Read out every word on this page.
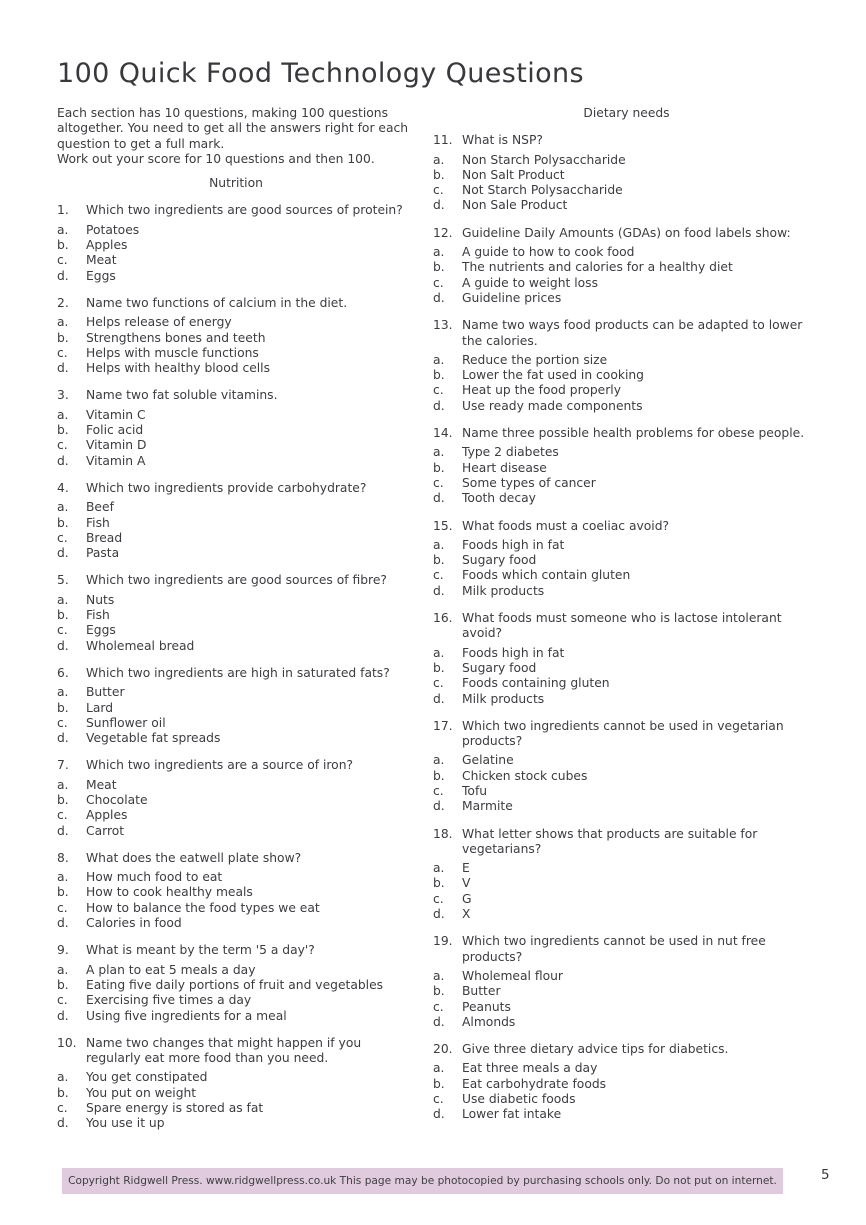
100 Quick Food Technology Questions

Each section has 10 questions, making 100 questions altogether. You need to get all the answers right for each question to get a full mark.

Work out your score for 10 questions and then 100.

Nutrition
1.	Which two ingredients are good sources of protein?
a.	Potatoes
b.	Apples
c.	Meat
d.	Eggs
2.	Name two functions of calcium in the diet.
a.	Helps release of energy
b.	Strengthens bones and teeth
c.	Helps with muscle functions
d.	Helps with healthy blood cells
3.	Name two fat soluble vitamins.
a.	Vitamin C
b.	Folic acid
c.	Vitamin D
d.	Vitamin A
4.	Which two ingredients provide carbohydrate?
a.	Beef
b.	Fish
c.	Bread
d.	Pasta
5.	Which two ingredients are good sources of fibre?
a.	Nuts
b.	Fish
c.	Eggs
d.	Wholemeal bread
6.	Which two ingredients are high in saturated fats?
a.	Butter
b.	Lard
c.	Sunflower oil
d.	Vegetable fat spreads
7.	Which two ingredients are a source of iron?
a.	Meat
b.	Chocolate
c.	Apples
d.	Carrot
8.	What does the eatwell plate show?
a.	How much food to eat
b.	How to cook healthy meals
c.	How to balance the food types we eat
d.	Calories in food
9.	What is meant by the term '5 a day'?
a.	A plan to eat 5 meals a day
b.	Eating five daily portions of fruit and vegetables
c.	Exercising five times a day
d.	Using five ingredients for a meal
10. Name two changes that might happen if you regularly eat more food than you need.
a.	You get constipated
b.	You put on weight
c.	Spare energy is stored as fat
d.	You use it up
Dietary needs
11. What is NSP?
a.	Non Starch Polysaccharide
b.	Non Salt Product
c.	Not Starch Polysaccharide
d.	Non Sale Product
12. Guideline Daily Amounts (GDAs) on food labels show:
a.	A guide to how to cook food
b.	The nutrients and calories for a healthy diet
c.	A guide to weight loss
d.	Guideline prices
13. Name two ways food products can be adapted to lower the calories.
a.	Reduce the portion size
b.	Lower the fat used in cooking
c.	Heat up the food properly
d.	Use ready made components
14. Name three possible health problems for obese people.
a.	Type 2 diabetes
b.	Heart disease
c.	Some types of cancer
d.	Tooth decay
15. What foods must a coeliac avoid?
a.	Foods high in fat
b.	Sugary food
c.	Foods which contain gluten
d.	Milk products
16. What foods must someone who is lactose intolerant avoid?
a.	Foods high in fat
b.	Sugary food
c.	Foods containing gluten
d.	Milk products
17. Which two ingredients cannot be used in vegetarian products?
a.	Gelatine
b.	Chicken stock cubes
c.	Tofu
d.	Marmite
18. What letter shows that products are suitable for vegetarians?
a.	E
b.	V
c.	G
d.	X
19. Which two ingredients cannot be used in nut free products?
a.	Wholemeal flour
b.	Butter
c.	Peanuts
d.	Almonds
20. Give three dietary advice tips for diabetics.
a.	Eat three meals a day
b.	Eat carbohydrate foods
c.	Use diabetic foods
d.	Lower fat intake
Copyright Ridgwell Press. www.ridgwellpress.co.uk This page may be photocopied by purchasing schools only. Do not put on internet.	5
